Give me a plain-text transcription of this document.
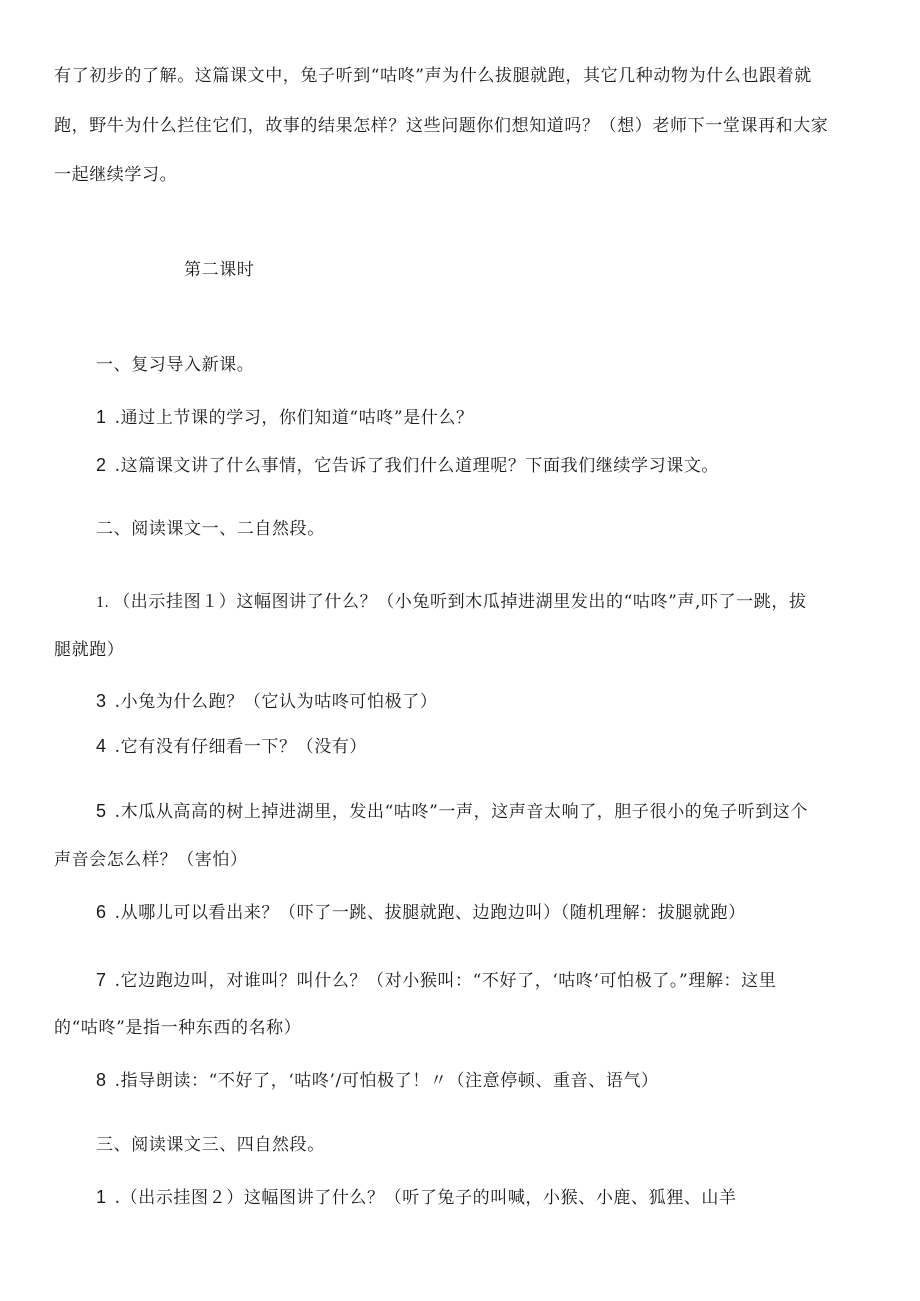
有了初步的了解。这篇课文中，兔子听到“咕咚”声为什么拔腿就跑，其它几种动物为什么也跟着就
跑，野牛为什么拦住它们，故事的结果怎样？这些问题你们想知道吗？（想）老师下一堂课再和大家
一起继续学习。
第二课时
一、复习导入新课。
1 .通过上节课的学习，你们知道“咕咚”是什么？
2 .这篇课文讲了什么事情，它告诉了我们什么道理呢？下面我们继续学习课文。
二、阅读课文一、二自然段。
1. （出示挂图１）这幅图讲了什么？（小兔听到木瓜掉进湖里发出的“咕咚”声,吓了一跳，拔
腿就跑）
3 .小兔为什么跑？（它认为咕咚可怕极了）
4 .它有没有仔细看一下？（没有）
5 .木瓜从高高的树上掉进湖里，发出“咕咚”一声，这声音太响了，胆子很小的兔子听到这个
声音会怎么样？（害怕）
6 .从哪儿可以看出来？（吓了一跳、拔腿就跑、边跑边叫）（随机理解：拔腿就跑）
7 .它边跑边叫，对谁叫？叫什么？（对小猴叫：“不好了，‘咕咚’可怕极了。”理解：这里
的“咕咚”是指一种东西的名称）
8 .指导朗读：“不好了，‘咕咚’/可怕极了！〃（注意停顿、重音、语气）
三、阅读课文三、四自然段。
1 .（出示挂图２）这幅图讲了什么？（听了兔子的叫喊，小猴、小鹿、狐狸、山羊
